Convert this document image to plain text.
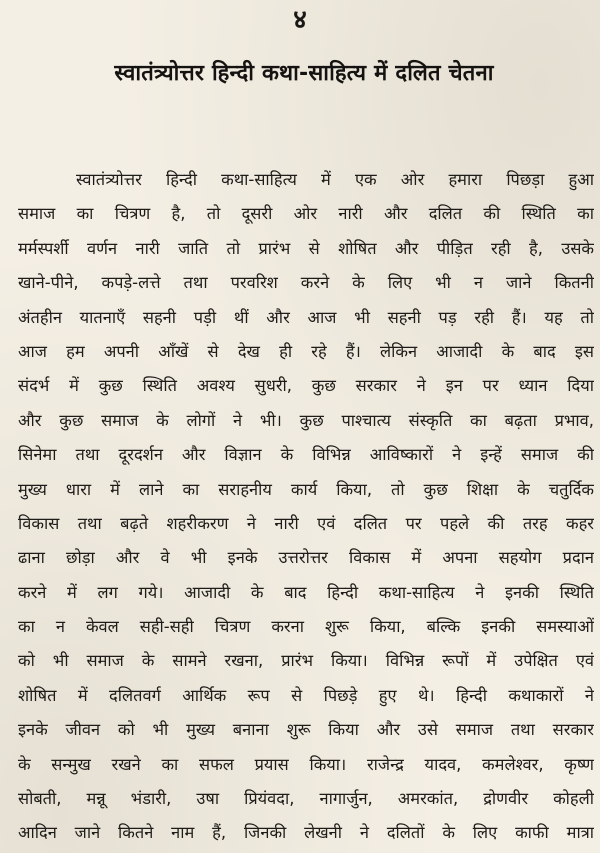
४
स्वातंत्र्योत्तर हिन्दी कथा-साहित्य में दलित चेतना
स्वातंत्र्योत्तर हिन्दी कथा-साहित्य में एक ओर हमारा पिछड़ा हुआ
समाज का चित्रण है, तो दूसरी ओर नारी और दलित की स्थिति का
मर्मस्पर्शी वर्णन नारी जाति तो प्रारंभ से शोषित और पीड़ित रही है, उसके
खाने-पीने, कपड़े-लत्ते तथा परवरिश करने के लिए भी न जाने कितनी
अंतहीन यातनाएँ सहनी पड़ी थीं और आज भी सहनी पड़ रही हैं। यह तो
आज हम अपनी आँखें से देख ही रहे हैं। लेकिन आजादी के बाद इस
संदर्भ में कुछ स्थिति अवश्य सुधरी, कुछ सरकार ने इन पर ध्यान दिया
और कुछ समाज के लोगों ने भी। कुछ पाश्चात्य संस्कृति का बढ़ता प्रभाव,
सिनेमा तथा दूरदर्शन और विज्ञान के विभिन्न आविष्कारों ने इन्हें समाज की
मुख्य धारा में लाने का सराहनीय कार्य किया, तो कुछ शिक्षा के चतुर्दिक
विकास तथा बढ़ते शहरीकरण ने नारी एवं दलित पर पहले की तरह कहर
ढाना छोड़ा और वे भी इनके उत्तरोत्तर विकास में अपना सहयोग प्रदान
करने में लग गये। आजादी के बाद हिन्दी कथा-साहित्य ने इनकी स्थिति
का न केवल सही-सही चित्रण करना शुरू किया, बल्कि इनकी समस्याओं
को भी समाज के सामने रखना, प्रारंभ किया। विभिन्न रूपों में उपेक्षित एवं
शोषित में दलितवर्ग आर्थिक रूप से पिछड़े हुए थे। हिन्दी कथाकारों ने
इनके जीवन को भी मुख्य बनाना शुरू किया और उसे समाज तथा सरकार
के सन्मुख रखने का सफल प्रयास किया। राजेन्द्र यादव, कमलेश्वर, कृष्ण
सोबती, मन्नू भंडारी, उषा प्रियंवदा, नागार्जुन, अमरकांत, द्रोणवीर कोहली
आदिन जाने कितने नाम हैं, जिनकी लेखनी ने दलितों के लिए काफी मात्रा
